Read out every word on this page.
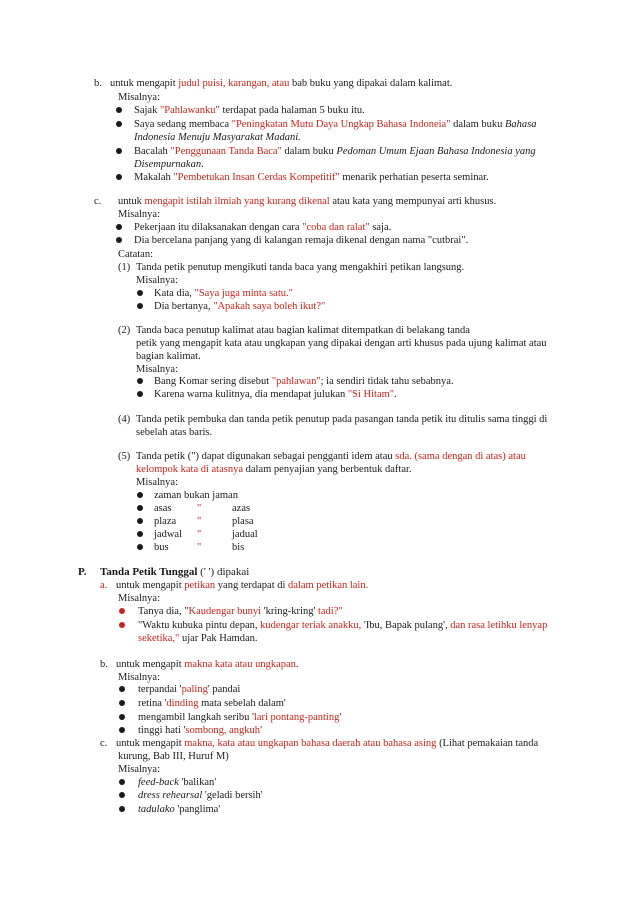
b. untuk mengapit judul puisi, karangan, atau bab buku yang dipakai dalam kalimat.
Misalnya:
Sajak "Pahlawanku" terdapat pada halaman 5 buku itu.
Saya sedang membaca "Peningkatan Mutu Daya Ungkap Bahasa Indoneia" dalam buku Bahasa
Indonesia Menuju Masyarakat Madani.
Bacalah "Penggunaan Tanda Baca" dalam buku Pedoman Umum Ejaan Bahasa Indonesia yang
Disempurnakan.
Makalah "Pembetukan Insan Cerdas Kompetitif" menarik perhatian peserta seminar.
c. untuk mengapit istilah ilmiah yang kurang dikenal atau kata yang mempunyai arti khusus.
Misalnya:
Pekerjaan itu dilaksanakan dengan cara "coba dan ralat" saja.
Dia bercelana panjang yang di kalangan remaja dikenal dengan nama "cutbrai".
Catatan:
(1) Tanda petik penutup mengikuti tanda baca yang mengakhiri petikan langsung.
Misalnya:
Kata dia, "Saya juga minta satu."
Dia bertanya, "Apakah saya boleh ikut?"
(2) Tanda baca penutup kalimat atau bagian kalimat ditempatkan di belakang tanda
petik yang mengapit kata atau ungkapan yang dipakai dengan arti khusus pada ujung kalimat atau
bagian kalimat.
Misalnya:
Bang Komar sering disebut "pahlawan"; ia sendiri tidak tahu sebabnya.
Karena warna kulitnya, dia mendapat julukan "Si Hitam".
(4) Tanda petik pembuka dan tanda petik penutup pada pasangan tanda petik itu ditulis sama tinggi di
sebelah atas baris.
(5) Tanda petik (") dapat digunakan sebagai pengganti idem atau sda. (sama dengan di atas) atau
kelompok kata di atasnya dalam penyajian yang berbentuk daftar.
Misalnya:
zaman bukan jaman
asas "	azas
plaza "	plasa
jadwal "	jadual
bus	"	bis
P. Tanda Petik Tunggal (' ') dipakai
a. untuk mengapit petikan yang terdapat di dalam petikan lain.
Misalnya:
Tanya dia, "Kaudengar bunyi 'kring-kring' tadi?"
"Waktu kubuka pintu depan, kudengar teriak anakku, 'Ibu, Bapak pulang', dan rasa letihku lenyap
seketika," ujar Pak Hamdan.
b. untuk mengapit makna kata atau ungkapan.
Misalnya:
terpandai 'paling' pandai
retina 'dinding mata sebelah dalam'
mengambil langkah seribu 'lari pontang-panting'
tinggi hati 'sombong, angkuh'
c. untuk mengapit makna, kata atau ungkapan bahasa daerah atau bahasa asing (Lihat pemakaian tanda
kurung, Bab III, Huruf M)
Misalnya:
feed-back 'balikan'
dress rehearsal 'geladi bersih'
tadulako 'panglima'
